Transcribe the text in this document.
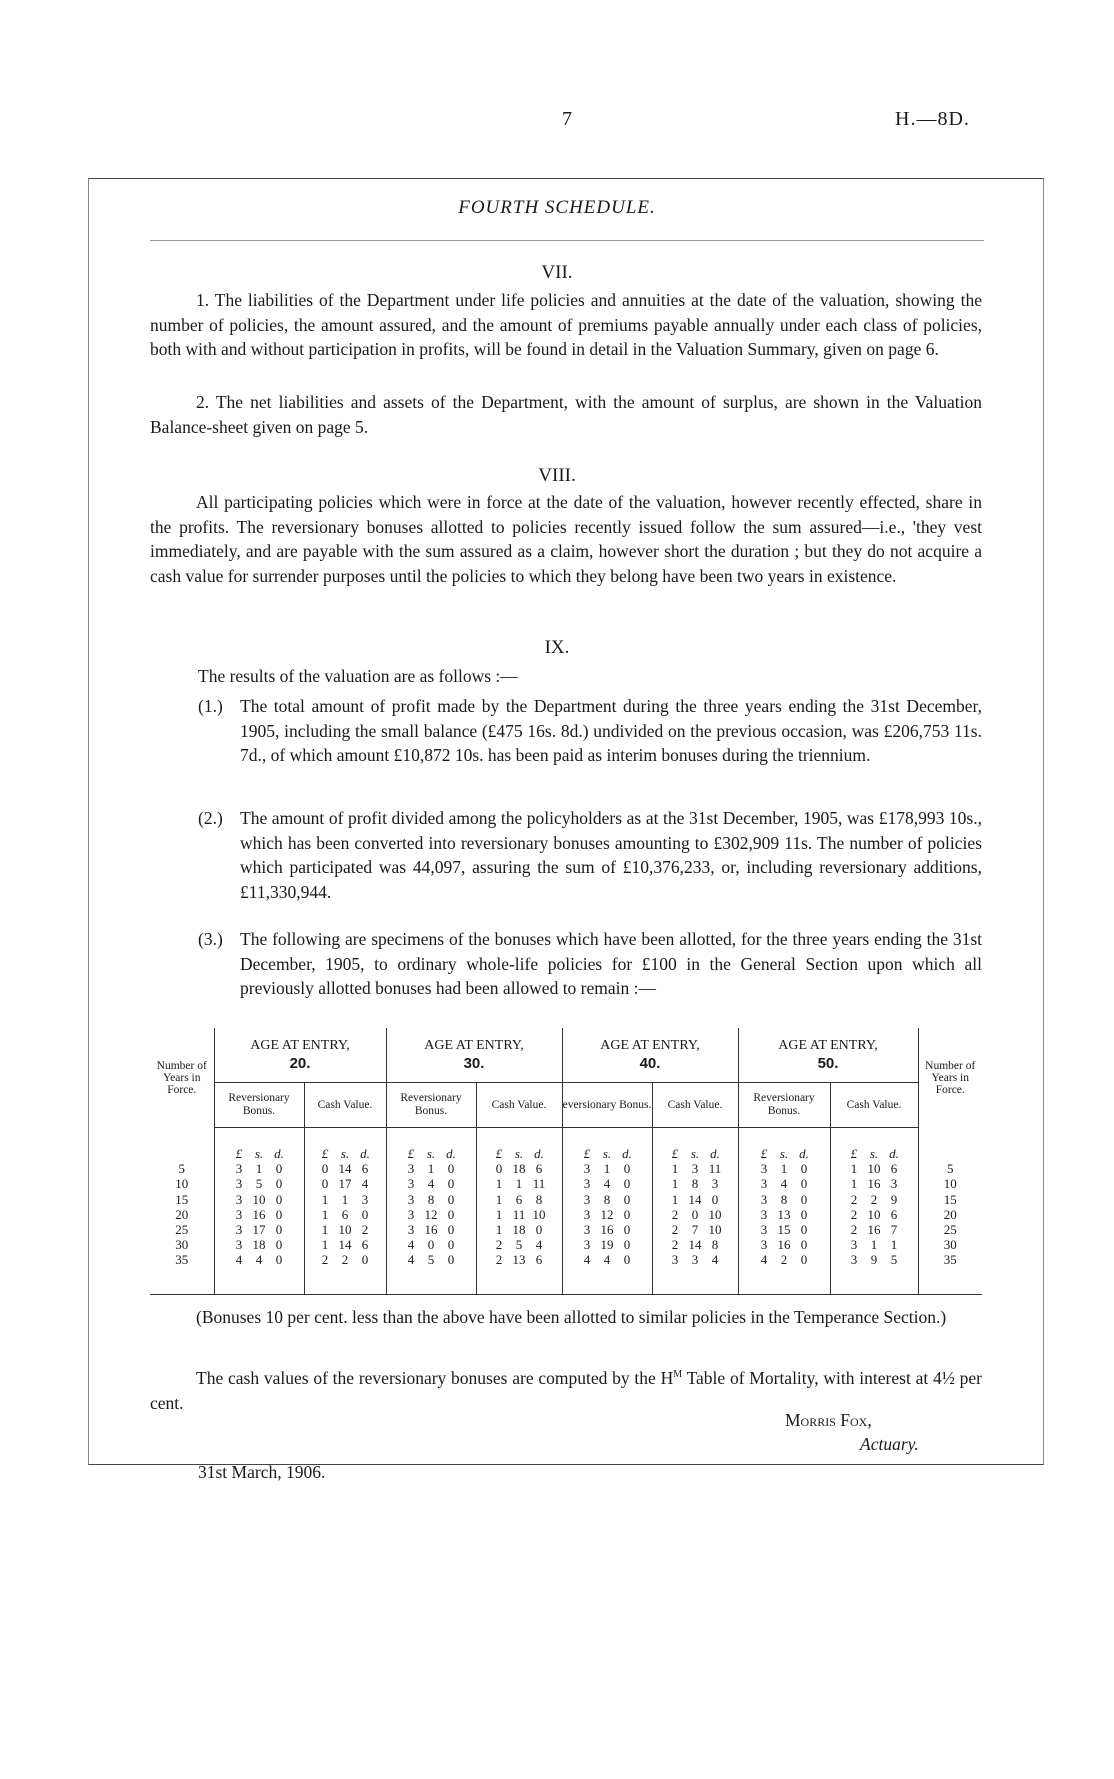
7	H.—8D.
FOURTH SCHEDULE.
VII.

1. The liabilities of the Department under life policies and annuities at the date of the valuation, showing the number of policies, the amount assured, and the amount of premiums payable annually under each class of policies, both with and without participation in profits, will be found in detail in the Valuation Summary, given on page 6.

2. The net liabilities and assets of the Department, with the amount of surplus, are shown in the Valuation Balance-sheet given on page 5.

VIII.

All participating policies which were in force at the date of the valuation, however recently effected, share in the profits. The reversionary bonuses allotted to policies recently issued follow the sum assured—i.e., 'they vest immediately, and are payable with the sum assured as a claim, however short the duration ; but they do not acquire a cash value for surrender purposes until the policies to which they belong have been two years in existence.

IX.

The results of the valuation are as follows :—

(1.) The total amount of profit made by the Department during the three years ending the 31st December, 1905, including the small balance (£475 16s. 8d.) undivided on the previous occasion, was £206,753 11s. 7d., of which amount £10,872 10s. has been paid as interim bonuses during the triennium.
(2.) The amount of profit divided among the policyholders as at the 31st December, 1905, was £178,993 10s., which has been converted into reversionary bonuses amounting to £302,909 11s. The number of policies which participated was 44,097, assuring the sum of £10,376,233, or, including reversionary additions, £11,330,944.
(3.) The following are specimens of the bonuses which have been allotted, for the three years ending the 31st December, 1905, to ordinary whole-life policies for £100 in the General Section upon which all previously allotted bonuses had been allowed to remain :—
Number of Years in Force.	AGE AT ENTRY,
20.		AGE AT ENTRY,
30.		AGE AT ENTRY,
40.		AGE AT ENTRY,
50.		Number of Years in Force.
	Reversionary Bonus.	Cash Value.	Reversionary Bonus.	Cash Value.	eversionary Bonus.	Cash Value.	Reversionary Bonus.	Cash Value.	
	£ s. d.	£ s. d.	£ s. d.	£ s. d.	£ s. d.	£ s. d.	£ s. d.	£ s. d.	
5	3 1 0	0 14 6	3 1 0	0 18 6	3 1 0	1 3 11	3 1 0	1 10 6	5
10	3 5 0	0 17 4	3 4 0	1 1 11	3 4 0	1 8 3	3 4 0	1 16 3	10
15	3 10 0	1 1 3	3 8 0	1 6 8	3 8 0	1 14 0	3 8 0	2 2 9	15
20	3 16 0	1 6 0	3 12 0	1 11 10	3 12 0	2 0 10	3 13 0	2 10 6	20
25	3 17 0	1 10 2	3 16 0	1 18 0	3 16 0	2 7 10	3 15 0	2 16 7	25
30	3 18 0	1 14 6	4 0 0	2 5 4	3 19 0	2 14 8	3 16 0	3 1 1	30
35	4 4 0	2 2 0	4 5 0	2 13 6	4 4 0	3 3 4	4 2 0	3 9 5	35

(Bonuses 10 per cent. less than the above have been allotted to similar policies in the Temperance Section.)

The cash values of the reversionary bonuses are computed by the $H^M$ Table of Mortality, with interest at 4½ per cent.

Morris Fox,
Actuary.
31st March, 1906.
